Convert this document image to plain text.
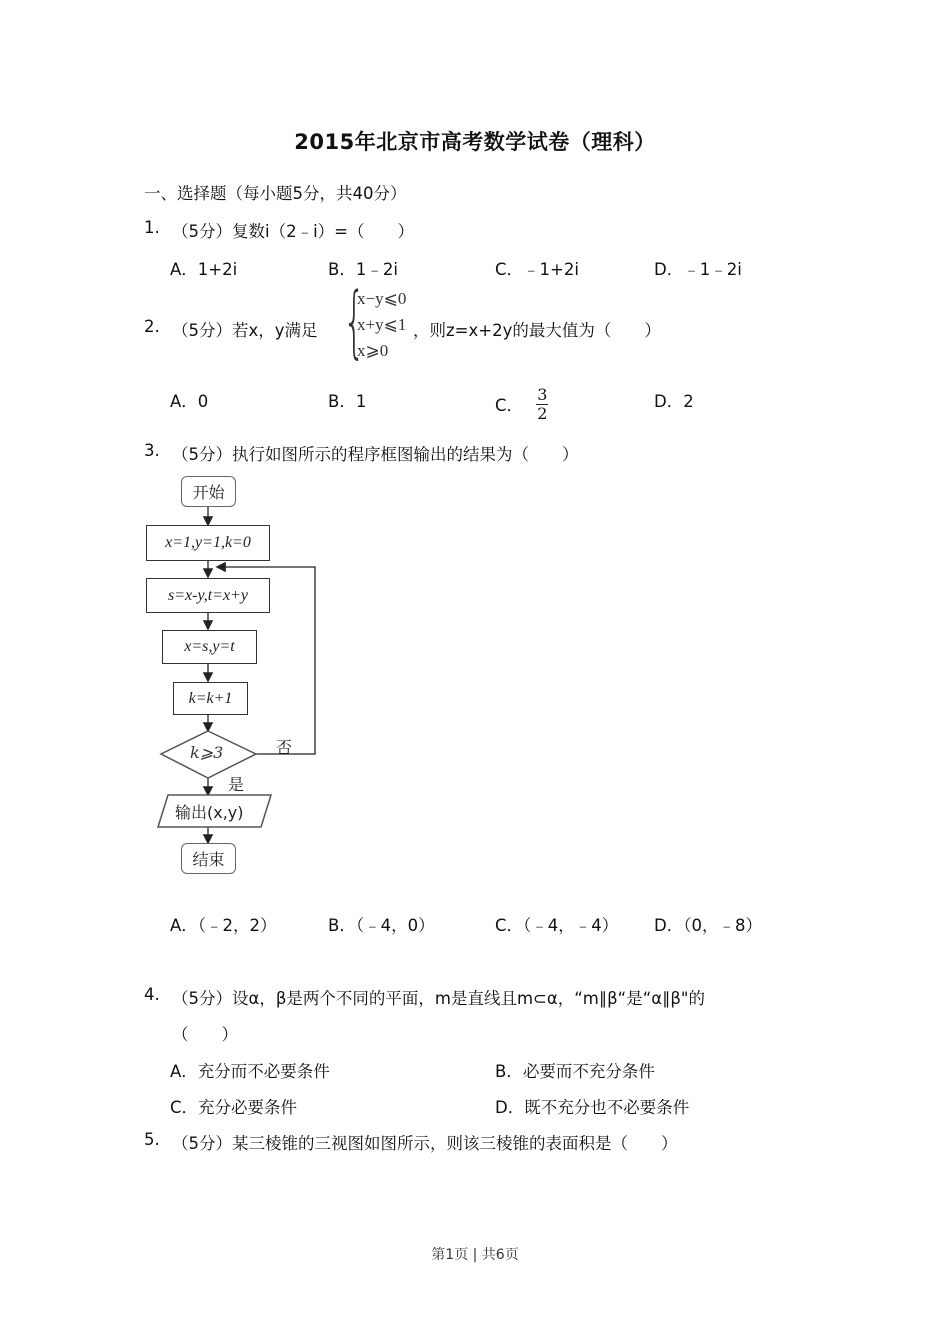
2015年北京市高考数学试卷（理科）
一、选择题（每小题5分，共40分）
1. （5分）复数i（2﹣i）=（　　）
A．1+2i	B．1﹣2i	C．﹣1+2i	D．﹣1﹣2i
2. （5分）若x，y满足 {
x−y⩽0
x+y⩽1
x⩾0
，则z=x+2y的最大值为（　　）
A．0	B．1	C． $\frac{3}{2}$	D．2
3. （5分）执行如图所示的程序框图输出的结果为（　　）
开始
x=1,y=1,k=0
s=x-y,t=x+y
x=s,y=t
k=k+1
k⩾3	否
是
输出(x,y)
结束
A．（﹣2，2）	B．（﹣4，0）	C．（﹣4，﹣4） D．（0，﹣8）
4. （5分）设α，β是两个不同的平面，m是直线且m⊂α，“m∥β“是“α∥β"的
（　　）
A．充分而不必要条件	B．必要而不充分条件
C．充分必要条件	D．既不充分也不必要条件
5. （5分）某三棱锥的三视图如图所示，则该三棱锥的表面积是（　　）
第1页 | 共6页
